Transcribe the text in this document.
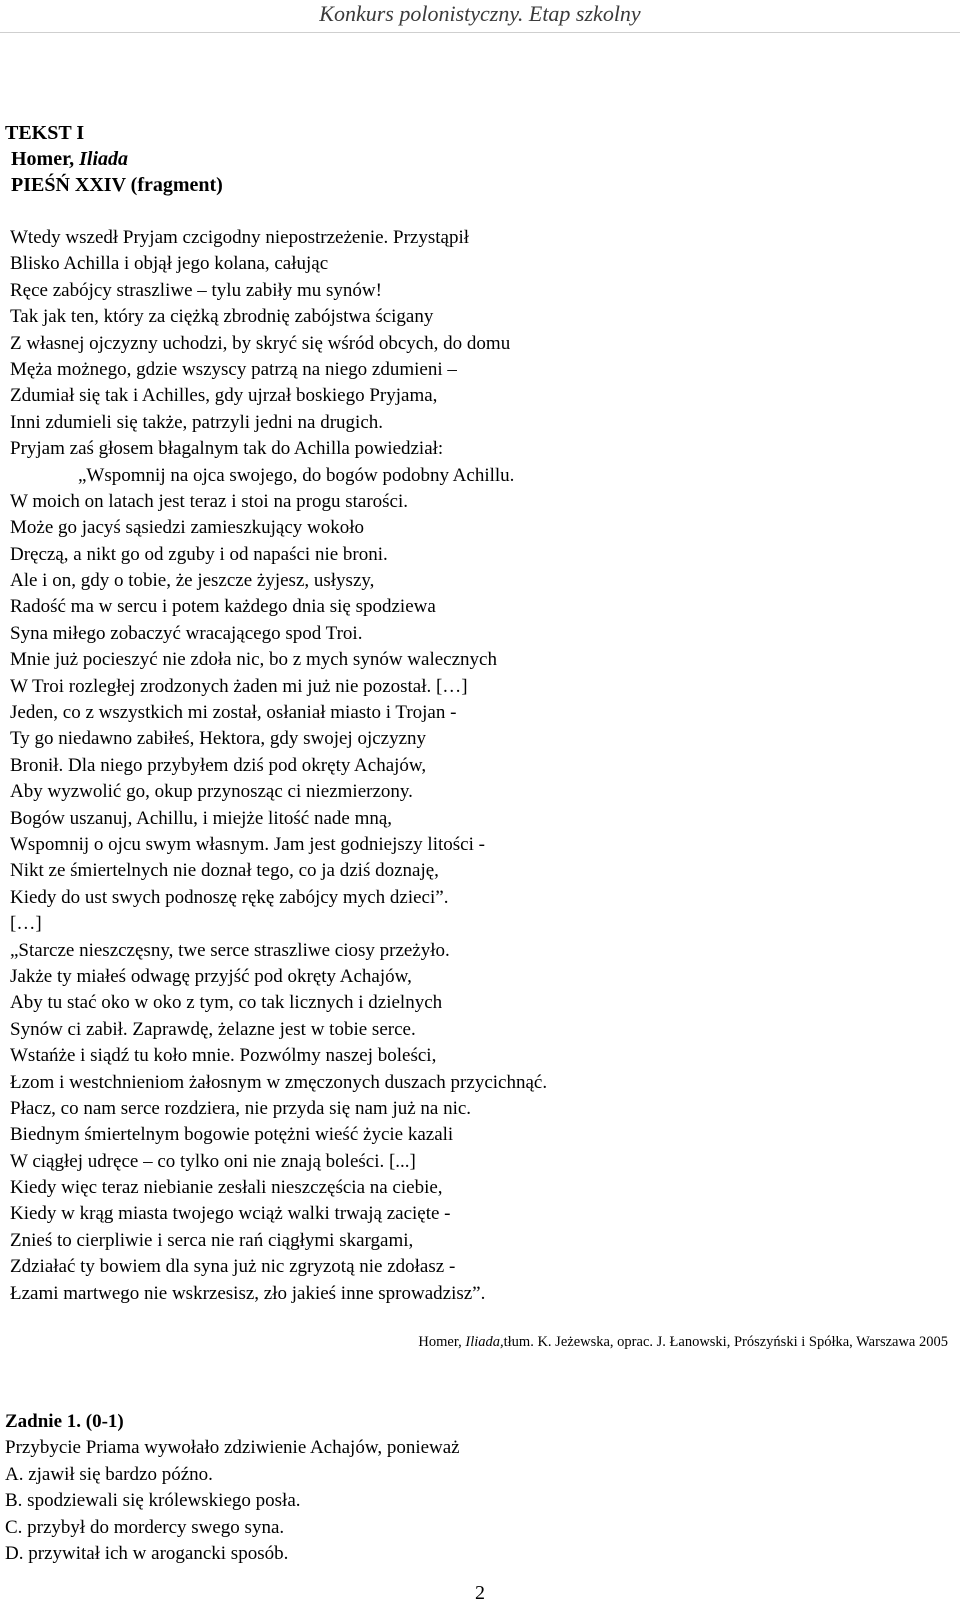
Konkurs polonistyczny. Etap szkolny
TEKST I
Homer, Iliada
PIEŚŃ XXIV (fragment)
Wtedy wszedł Pryjam czcigodny niepostrzeżenie. Przystąpił
Blisko Achilla i objął jego kolana, całując
Ręce zabójcy straszliwe – tylu zabiły mu synów!
Tak jak ten, który za ciężką zbrodnię zabójstwa ścigany
Z własnej ojczyzny uchodzi, by skryć się wśród obcych, do domu
Męża możnego, gdzie wszyscy patrzą na niego zdumieni –
Zdumiał się tak i Achilles, gdy ujrzał boskiego Pryjama,
Inni zdumieli się także, patrzyli jedni na drugich.
Pryjam zaś głosem błagalnym tak do Achilla powiedział:
„Wspomnij na ojca swojego, do bogów podobny Achillu.
W moich on latach jest teraz i stoi na progu starości.
Może go jacyś sąsiedzi zamieszkujący wokoło
Dręczą, a nikt go od zguby i od napaści nie broni.
Ale i on, gdy o tobie, że jeszcze żyjesz, usłyszy,
Radość ma w sercu i potem każdego dnia się spodziewa
Syna miłego zobaczyć wracającego spod Troi.
Mnie już pocieszyć nie zdoła nic, bo z mych synów walecznych
W Troi rozległej zrodzonych żaden mi już nie pozostał. […]
Jeden, co z wszystkich mi został, osłaniał miasto i Trojan -
Ty go niedawno zabiłeś, Hektora, gdy swojej ojczyzny
Bronił. Dla niego przybyłem dziś pod okręty Achajów,
Aby wyzwolić go, okup przynosząc ci niezmierzony.
Bogów uszanuj, Achillu, i miejże litość nade mną,
Wspomnij o ojcu swym własnym. Jam jest godniejszy litości -
Nikt ze śmiertelnych nie doznał tego, co ja dziś doznaję,
Kiedy do ust swych podnoszę rękę zabójcy mych dzieci”.
[…]
„Starcze nieszczęsny, twe serce straszliwe ciosy przeżyło.
Jakże ty miałeś odwagę przyjść pod okręty Achajów,
Aby tu stać oko w oko z tym, co tak licznych i dzielnych
Synów ci zabił. Zaprawdę, żelazne jest w tobie serce.
Wstańże i siądź tu koło mnie. Pozwólmy naszej boleści,
Łzom i westchnieniom żałosnym w zmęczonych duszach przycichnąć.
Płacz, co nam serce rozdziera, nie przyda się nam już na nic.
Biednym śmiertelnym bogowie potężni wieść życie kazali
W ciągłej udręce – co tylko oni nie znają boleści. [...]
Kiedy więc teraz niebianie zesłali nieszczęścia na ciebie,
Kiedy w krąg miasta twojego wciąż walki trwają zacięte -
Znieś to cierpliwie i serca nie rań ciągłymi skargami,
Zdziałać ty bowiem dla syna już nic zgryzotą nie zdołasz -
Łzami martwego nie wskrzesisz, zło jakieś inne sprowadzisz”.
Homer, Iliada,tłum. K. Jeżewska, oprac. J. Łanowski, Prószyński i Spółka, Warszawa 2005
Zadnie 1. (0-1)
Przybycie Priama wywołało zdziwienie Achajów, ponieważ
A. zjawił się bardzo późno.
B. spodziewali się królewskiego posła.
C. przybył do mordercy swego syna.
D. przywitał ich w arogancki sposób.
2
